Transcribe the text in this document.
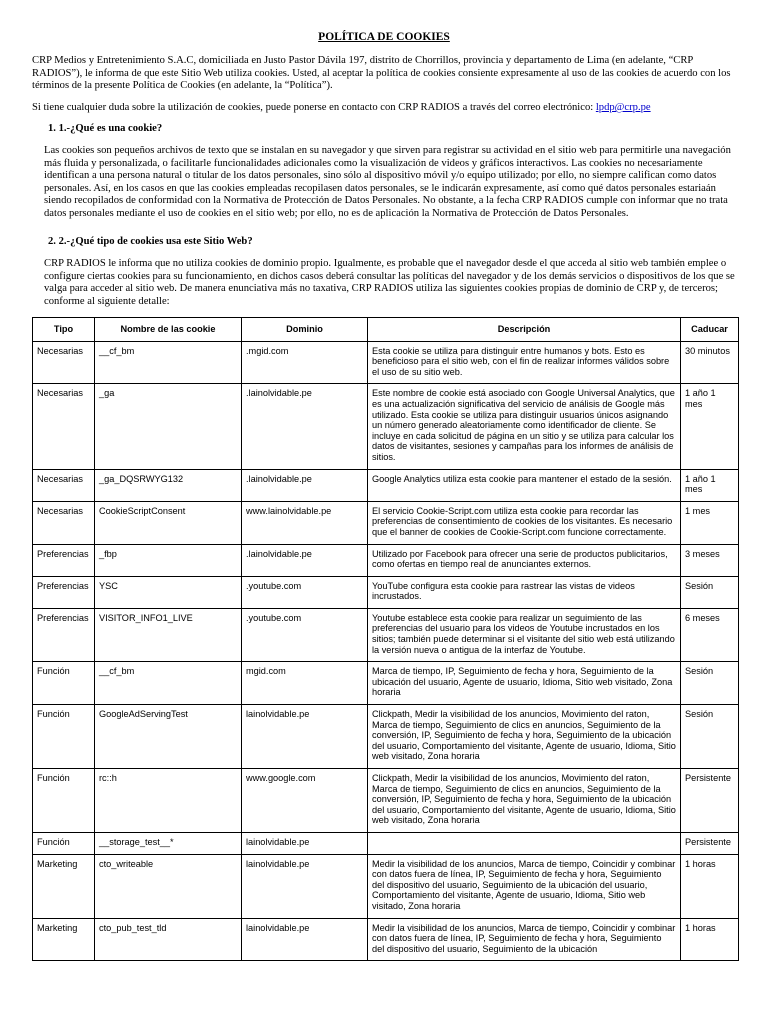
POLÍTICA DE COOKIES

CRP Medios y Entretenimiento S.A.C, domiciliada en Justo Pastor Dávila 197, distrito de Chorrillos, provincia y departamento de Lima (en adelante, “CRP RADIOS”), le informa de que este Sitio Web utiliza cookies. Usted, al aceptar la política de cookies consiente expresamente al uso de las cookies de acuerdo con los términos de la presente Política de Cookies (en adelante, la “Política”).

Si tiene cualquier duda sobre la utilización de cookies, puede ponerse en contacto con CRP RADIOS a través del correo electrónico: lpdp@crp.pe

1. 1.-¿Qué es una cookie?

Las cookies son pequeños archivos de texto que se instalan en su navegador y que sirven para registrar su actividad en el sitio web para permitirle una navegación más fluida y personalizada, o facilitarle funcionalidades adicionales como la visualización de videos y gráficos interactivos. Las cookies no necesariamente identifican a una persona natural o titular de los datos personales, sino sólo al dispositivo móvil y/o equipo utilizado; por ello, no siempre califican como datos personales. Así, en los casos en que las cookies empleadas recopilasen datos personales, se le indicarán expresamente, así como qué datos personales estariaán siendo recopilados de conformidad con la Normativa de Protección de Datos Personales. No obstante, a la fecha CRP RADIOS cumple con informar que no trata datos personales mediante el uso de cookies en el sitio web; por ello, no es de aplicación la Normativa de Protección de Datos Personales.

2. 2.-¿Qué tipo de cookies usa este Sitio Web?

CRP RADIOS le informa que no utiliza cookies de dominio propio. Igualmente, es probable que el navegador desde el que acceda al sitio web también emplee o configure ciertas cookies para su funcionamiento, en dichos casos deberá consultar las políticas del navegador y de los demás servicios o dispositivos de los que se valga para acceder al sitio web. De manera enunciativa más no taxativa, CRP RADIOS utiliza las siguientes cookies propias de dominio de CRP y, de terceros; conforme al siguiente detalle:

Tipo	Nombre de las cookie	Dominio	Descripción	Caducar
Necesarias	__cf_bm	.mgid.com	Esta cookie se utiliza para distinguir entre humanos y bots. Esto es beneficioso para el sitio web, con el fin de realizar informes válidos sobre el uso de su sitio web.	30 minutos
Necesarias	_ga	.lainolvidable.pe	Este nombre de cookie está asociado con Google Universal Analytics, que es una actualización significativa del servicio de análisis de Google más utilizado. Esta cookie se utiliza para distinguir usuarios únicos asignando un número generado aleatoriamente como identificador de cliente. Se incluye en cada solicitud de página en un sitio y se utiliza para calcular los datos de visitantes, sesiones y campañas para los informes de análisis de sitios.	1 año 1 mes
Necesarias	_ga_DQSRWYG132	.lainolvidable.pe	Google Analytics utiliza esta cookie para mantener el estado de la sesión.	1 año 1 mes
Necesarias	CookieScriptConsent	www.lainolvidable.pe	El servicio Cookie-Script.com utiliza esta cookie para recordar las preferencias de consentimiento de cookies de los visitantes. Es necesario que el banner de cookies de Cookie-Script.com funcione correctamente.	1 mes
Preferencias	_fbp	.lainolvidable.pe	Utilizado por Facebook para ofrecer una serie de productos publicitarios, como ofertas en tiempo real de anunciantes externos.	3 meses
Preferencias	YSC	.youtube.com	YouTube configura esta cookie para rastrear las vistas de videos incrustados.	Sesión
Preferencias	VISITOR_INFO1_LIVE	.youtube.com	Youtube establece esta cookie para realizar un seguimiento de las preferencias del usuario para los videos de Youtube incrustados en los sitios; también puede determinar si el visitante del sitio web está utilizando la versión nueva o antigua de la interfaz de Youtube.	6 meses
Función	__cf_bm	mgid.com	Marca de tiempo, IP, Seguimiento de fecha y hora, Seguimiento de la ubicación del usuario, Agente de usuario, Idioma, Sitio web visitado, Zona horaria	Sesión
Función	GoogleAdServingTest	lainolvidable.pe	Clickpath, Medir la visibilidad de los anuncios, Movimiento del raton, Marca de tiempo, Seguimiento de clics en anuncios, Seguimiento de la conversión, IP, Seguimiento de fecha y hora, Seguimiento de la ubicación del usuario, Comportamiento del visitante, Agente de usuario, Idioma, Sitio web visitado, Zona horaria	Sesión
Función	rc::h	www.google.com	Clickpath, Medir la visibilidad de los anuncios, Movimiento del raton, Marca de tiempo, Seguimiento de clics en anuncios, Seguimiento de la conversión, IP, Seguimiento de fecha y hora, Seguimiento de la ubicación del usuario, Comportamiento del visitante, Agente de usuario, Idioma, Sitio web visitado, Zona horaria	Persistente
Función	__storage_test__*	lainolvidable.pe		Persistente
Marketing	cto_writeable	lainolvidable.pe	Medir la visibilidad de los anuncios, Marca de tiempo, Coincidir y combinar con datos fuera de línea, IP, Seguimiento de fecha y hora, Seguimiento del dispositivo del usuario, Seguimiento de la ubicación del usuario, Comportamiento del visitante, Agente de usuario, Idioma, Sitio web visitado, Zona horaria	1 horas
Marketing	cto_pub_test_tld	lainolvidable.pe	Medir la visibilidad de los anuncios, Marca de tiempo, Coincidir y combinar con datos fuera de línea, IP, Seguimiento de fecha y hora, Seguimiento del dispositivo del usuario, Seguimiento de la ubicación	1 horas
